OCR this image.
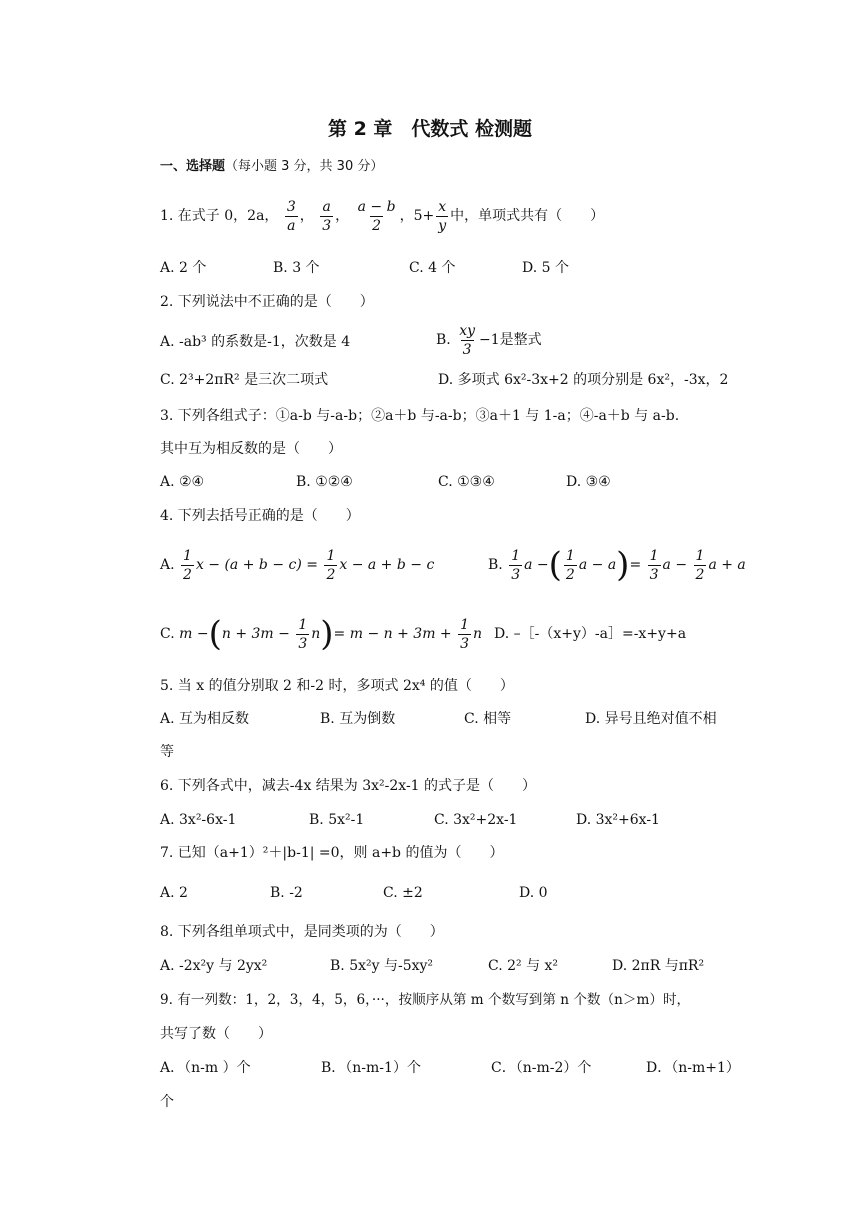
第 2 章　代数式 检测题
一、选择题（每小题 3 分，共 30 分）
1. 在式子 0，2a， $\frac{3}{a}$ ， $\frac{a}{3}$ ， $\frac{a - b}{2}$ ，$5+ \frac{x}{y}$ 中，单项式共有（　　）
A. 2 个	B. 3 个	C. 4 个	D. 5 个
2. 下列说法中不正确的是（　　）
A. -ab³ 的系数是-1，次数是 4	B. $\frac{xy}{3} -1$是整式
C. 2³+2πR² 是三次二项式	D. 多项式 6x²-3x+2 的项分别是 6x²，-3x，2
3. 下列各组式子：①a-b 与-a-b；②a＋b 与-a-b；③a＋1 与 1-a；④-a＋b 与 a-b.
其中互为相反数的是（　　）
A. ②④	B. ①②④	C. ①③④	D. ③④
4. 下列去括号正确的是（　　）
A. $\frac{1}{2}$ $x - (a + b - c) = \frac{1}{2}$ x − a + b − c	B. $\frac{1}{3}$ a −( $\frac{1}{2}$ $a - a)= \frac{1}{3}$ $a - \frac{1}{2}$ a + a
C. $m -(n + 3m - \frac{1}{3} n)= m - n + 3m + \frac{1}{3}$ n D. –［-（x+y）-a］=-x+y+a
5. 当 x 的值分别取 2 和-2 时，多项式 2x⁴ 的值（　　）
A. 互为相反数	B. 互为倒数	C. 相等	D. 异号且绝对值不相
等
6. 下列各式中，减去-4x 结果为 3x²-2x-1 的式子是（　　）
A. 3x²-6x-1	B. 5x²-1	C. 3x²+2x-1	D. 3x²+6x-1
7. 已知（a+1）²＋|b-1| =0，则 a+b 的值为（　　）
A. 2	B. -2	C. ±2	D. 0
8. 下列各组单项式中，是同类项的为（　　）
A. -2x²y 与 2yx²	B. 5x²y 与-5xy²	C. 2² 与 x²	D. 2πR 与πR²
9. 有一列数：1，2，3，4，5，6，···，按顺序从第 m 个数写到第 n 个数（n＞m）时，
共写了数（　　）
A．（n-m ）个	B．（n-m-1）个	C．（n-m-2）个	D．（n-m+1）
个
